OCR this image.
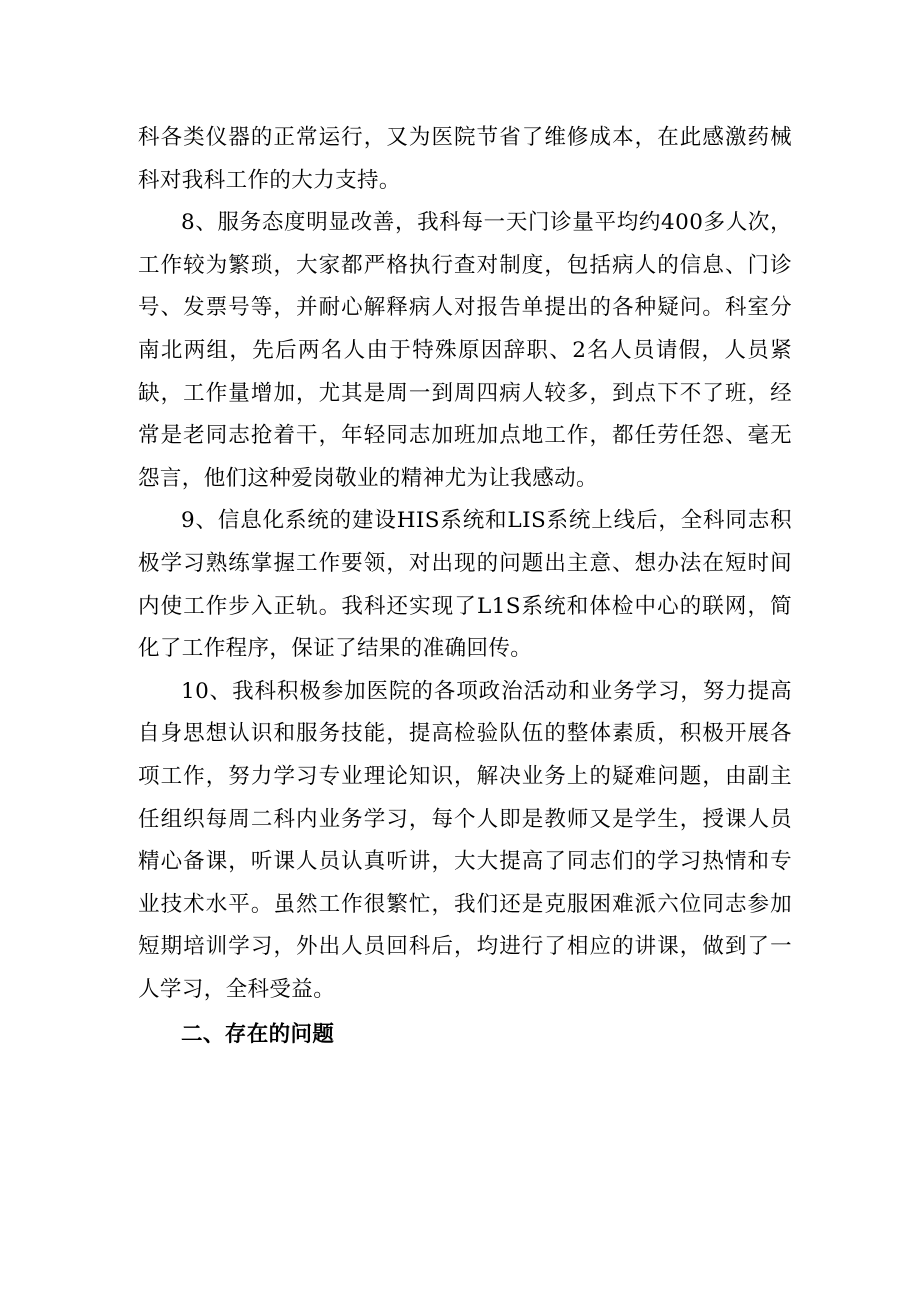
科各类仪器的正常运行，又为医院节省了维修成本，在此感激药械科对我科工作的大力支持。

8、服务态度明显改善，我科每一天门诊量平均约400多人次，工作较为繁琐，大家都严格执行查对制度，包括病人的信息、门诊号、发票号等，并耐心解释病人对报告单提出的各种疑问。科室分南北两组，先后两名人由于特殊原因辞职、2名人员请假，人员紧缺，工作量增加，尤其是周一到周四病人较多，到点下不了班，经常是老同志抢着干，年轻同志加班加点地工作，都任劳任怨、毫无怨言，他们这种爱岗敬业的精神尤为让我感动。

9、信息化系统的建设HIS系统和LIS系统上线后，全科同志积极学习熟练掌握工作要领，对出现的问题出主意、想办法在短时间内使工作步入正轨。我科还实现了L1S系统和体检中心的联网，简化了工作程序，保证了结果的准确回传。

10、我科积极参加医院的各项政治活动和业务学习，努力提高自身思想认识和服务技能，提高检验队伍的整体素质，积极开展各项工作，努力学习专业理论知识，解决业务上的疑难问题，由副主任组织每周二科内业务学习，每个人即是教师又是学生，授课人员精心备课，听课人员认真听讲，大大提高了同志们的学习热情和专业技术水平。虽然工作很繁忙，我们还是克服困难派六位同志参加短期培训学习，外出人员回科后，均进行了相应的讲课，做到了一人学习，全科受益。

二、存在的问题
